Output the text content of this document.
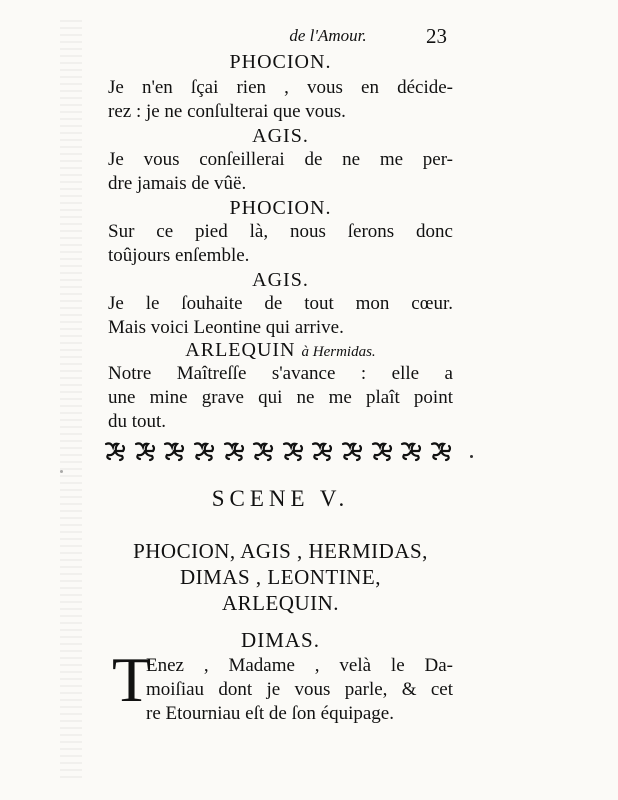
de l'Amour.	23
PHOCION.
Je n'en ſçai rien , vous en décide-
rez : je ne conſulterai que vous.
AGIS.
Je vous conſeillerai de ne me per-
dre jamais de vûë.
PHOCION.
Sur ce pied là, nous ſerons donc
toûjours enſemble.
AGIS.
Je le ſouhaite de tout mon cœur.
Mais voici Leontine qui arrive.
ARLEQUIN à Hermidas.
Notre Maîtreſſe s'avance : elle a
une mine grave qui ne me plaît point
du tout.
SCENE V.
PHOCION, AGIS , HERMIDAS,
DIMAS , LEONTINE,
ARLEQUIN.
DIMAS.
T
Enez , Madame , velà le Da-
moiſiau dont je vous parle, & cet
re Etourniau eſt de ſon équipage.
